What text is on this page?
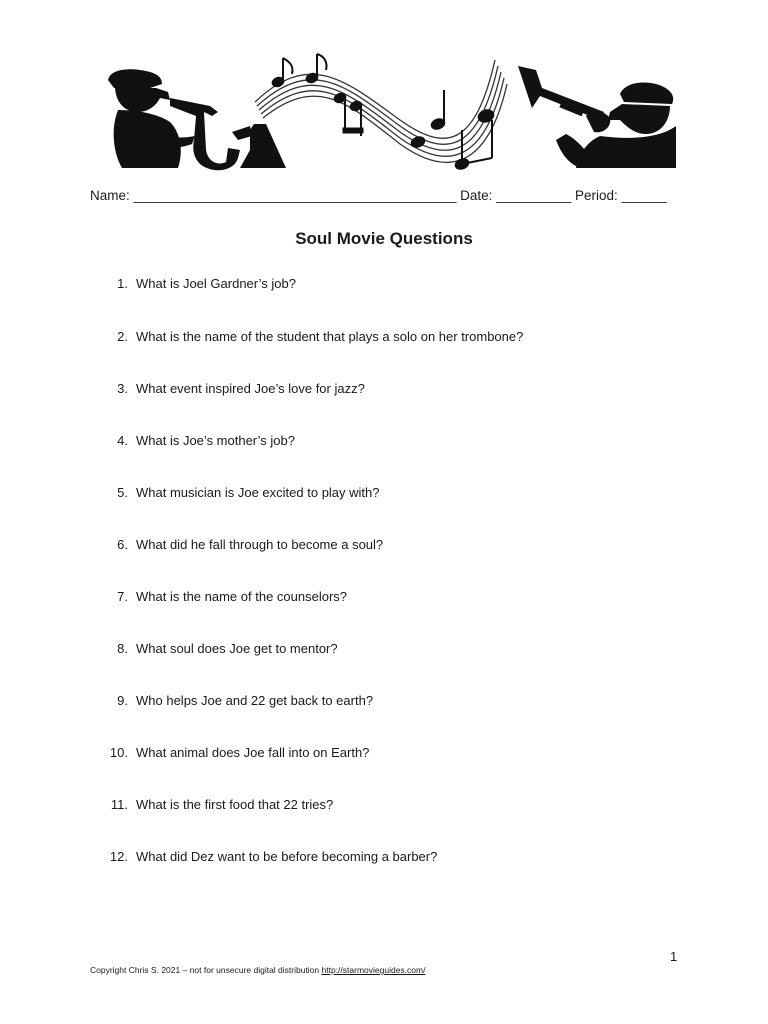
Name: ___________________________________________ Date: __________ Period: ______
Soul Movie Questions
1. What is Joel Gardner’s job?
2. What is the name of the student that plays a solo on her trombone?
3. What event inspired Joe’s love for jazz?
4. What is Joe’s mother’s job?
5. What musician is Joe excited to play with?
6. What did he fall through to become a soul?
7. What is the name of the counselors?
8. What soul does Joe get to mentor?
9. Who helps Joe and 22 get back to earth?
10. What animal does Joe fall into on Earth?
11. What is the first food that 22 tries?
12. What did Dez want to be before becoming a barber?
1
Copyright Chris S. 2021 – not for unsecure digital distribution http://starmovieguides.com/
